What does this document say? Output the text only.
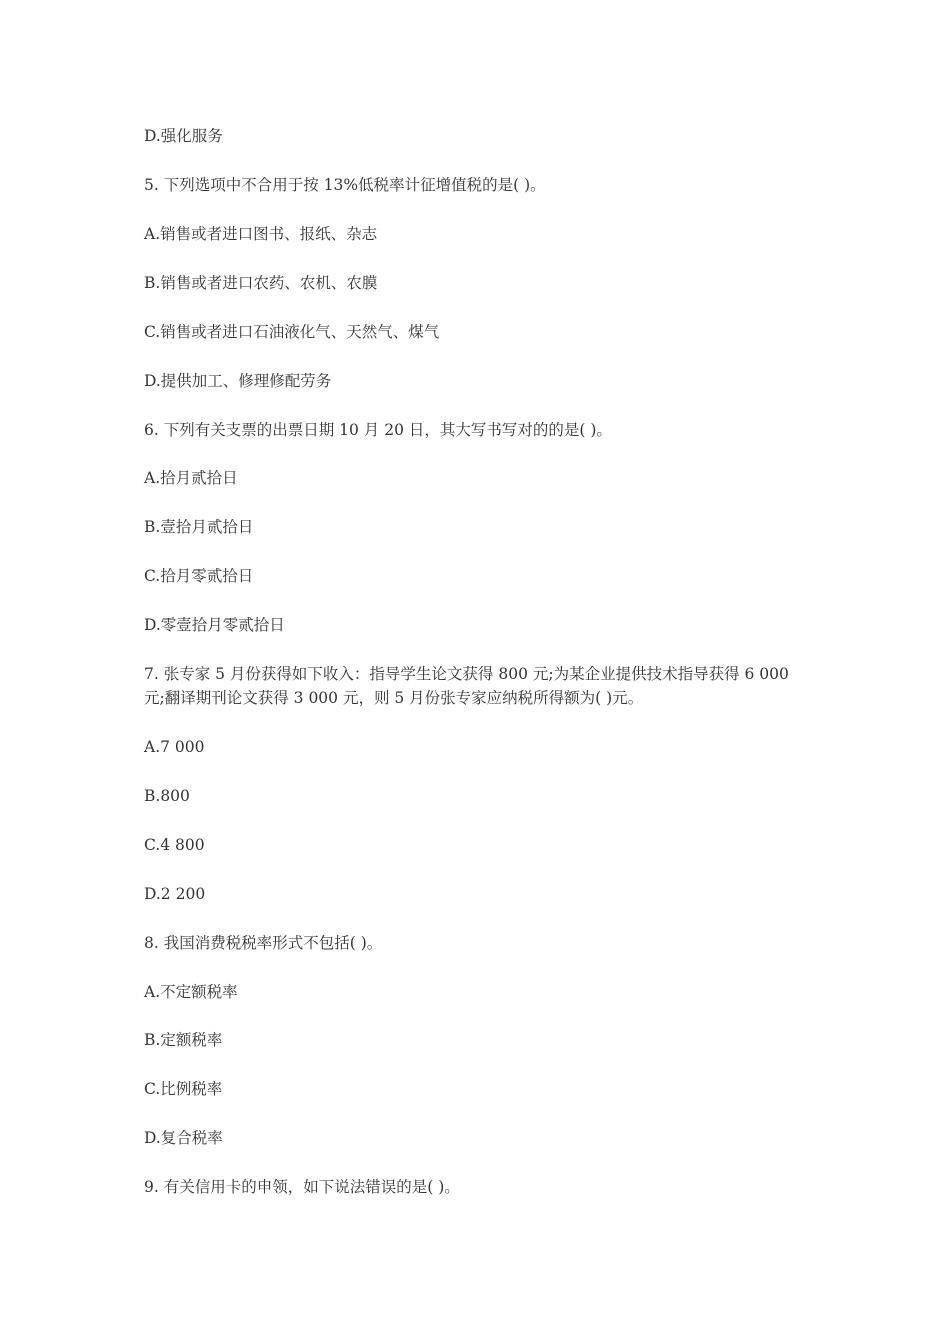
D.强化服务
5. 下列选项中不合用于按 13%低税率计征增值税的是( )。
A.销售或者进口图书、报纸、杂志
B.销售或者进口农药、农机、农膜
C.销售或者进口石油液化气、天然气、煤气
D.提供加工、修理修配劳务
6. 下列有关支票的出票日期 10 月 20 日，其大写书写对的的是( )。
A.拾月贰拾日
B.壹拾月贰拾日
C.拾月零贰拾日
D.零壹拾月零贰拾日
7. 张专家 5 月份获得如下收入：指导学生论文获得 800 元;为某企业提供技术指导获得 6 000
元;翻译期刊论文获得 3 000 元，则 5 月份张专家应纳税所得额为( )元。
A.7 000
B.800
C.4 800
D.2 200
8. 我国消费税税率形式不包括( )。
A.不定额税率
B.定额税率
C.比例税率
D.复合税率
9. 有关信用卡的申领，如下说法错误的是( )。
